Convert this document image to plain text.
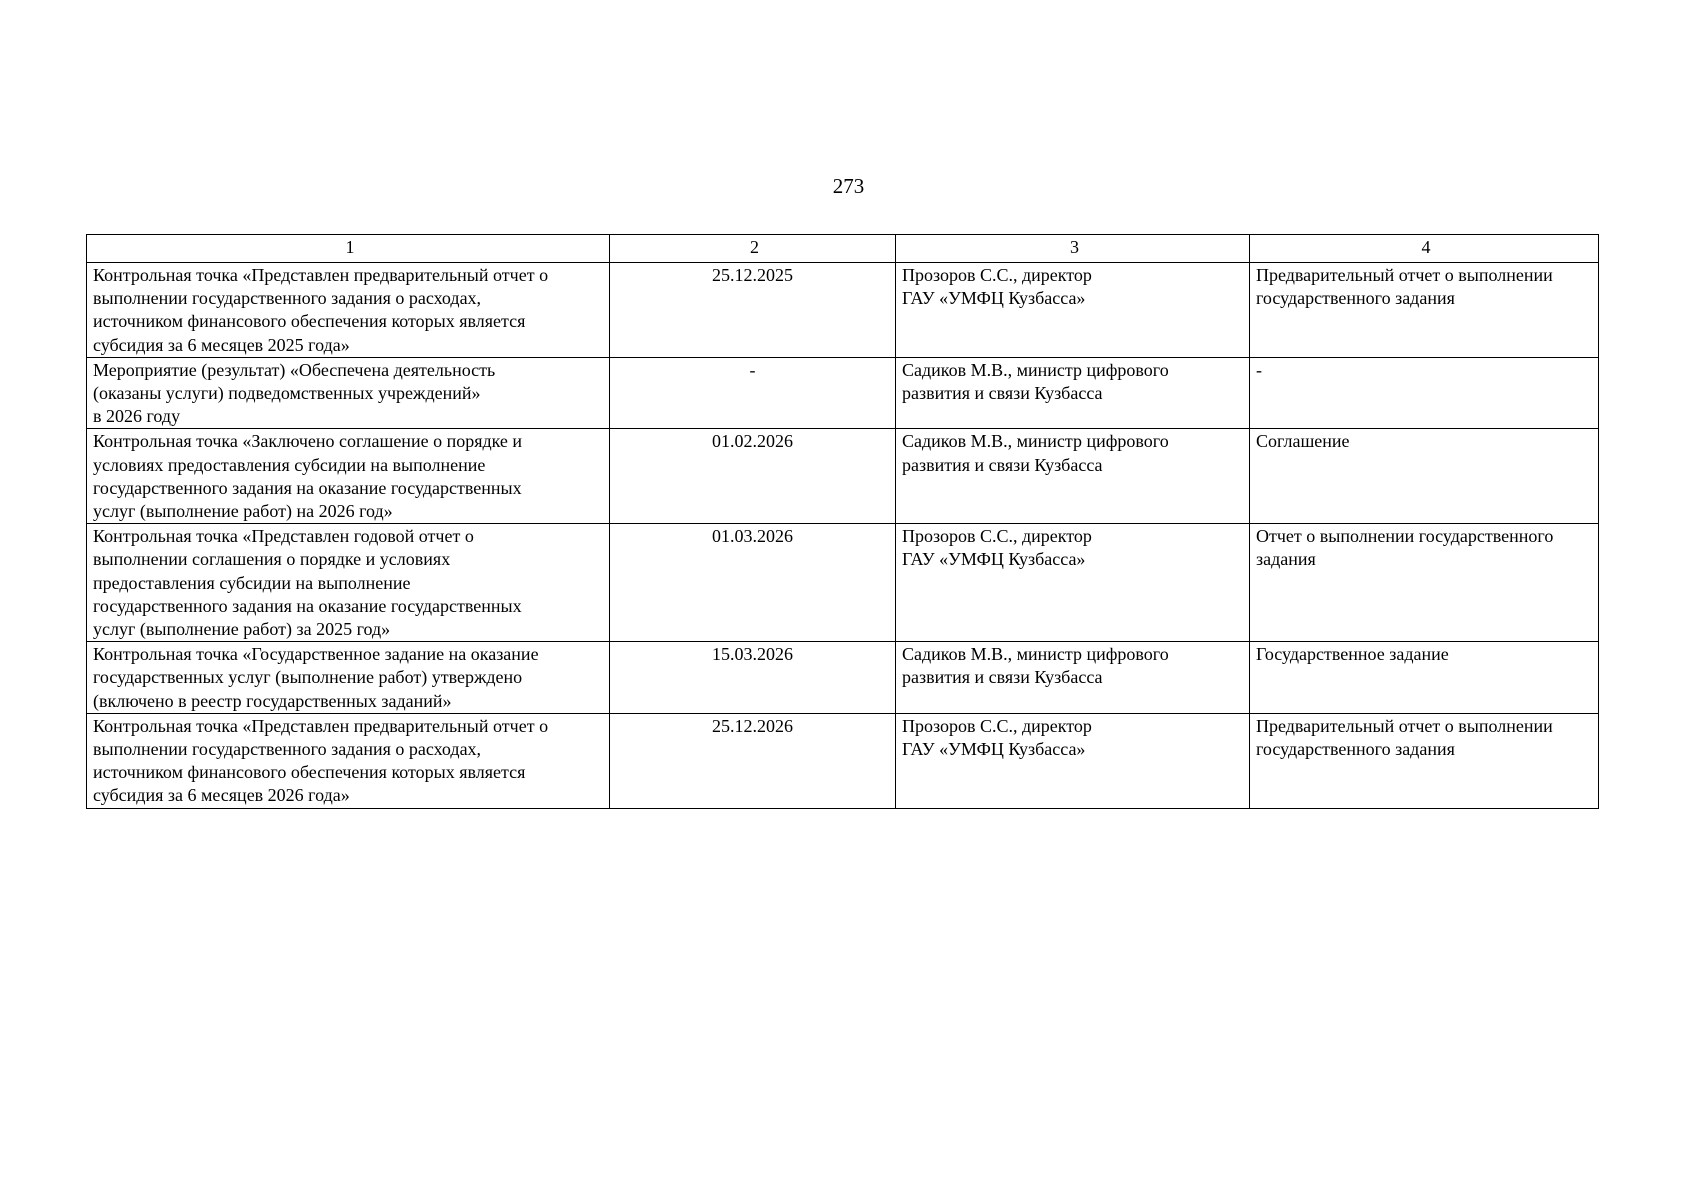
273
1	2	3	4

Контрольная точка «Представлен предварительный отчет о
выполнении государственного задания о расходах,
источником финансового обеспечения которых является
субсидия за 6 месяцев 2025 года»	25.12.2025	Прозоров С.С., директор
ГАУ «УМФЦ Кузбасса»	Предварительный отчет о выполнении
государственного задания

Мероприятие (результат) «Обеспечена деятельность
(оказаны услуги) подведомственных учреждений»
в 2026 году	-	Садиков М.В., министр цифрового
развития и связи Кузбасса	-

Контрольная точка «Заключено соглашение о порядке и
условиях предоставления субсидии на выполнение
государственного задания на оказание государственных
услуг (выполнение работ) на 2026 год»	01.02.2026	Садиков М.В., министр цифрового
развития и связи Кузбасса	Соглашение

Контрольная точка «Представлен годовой отчет о
выполнении соглашения о порядке и условиях
предоставления субсидии на выполнение
государственного задания на оказание государственных
услуг (выполнение работ) за 2025 год»	01.03.2026	Прозоров С.С., директор
ГАУ «УМФЦ Кузбасса»	Отчет о выполнении государственного
задания

Контрольная точка «Государственное задание на оказание
государственных услуг (выполнение работ) утверждено
(включено в реестр государственных заданий»	15.03.2026	Садиков М.В., министр цифрового
развития и связи Кузбасса	Государственное задание

Контрольная точка «Представлен предварительный отчет о
выполнении государственного задания о расходах,
источником финансового обеспечения которых является
субсидия за 6 месяцев 2026 года»	25.12.2026	Прозоров С.С., директор
ГАУ «УМФЦ Кузбасса»	Предварительный отчет о выполнении
государственного задания
